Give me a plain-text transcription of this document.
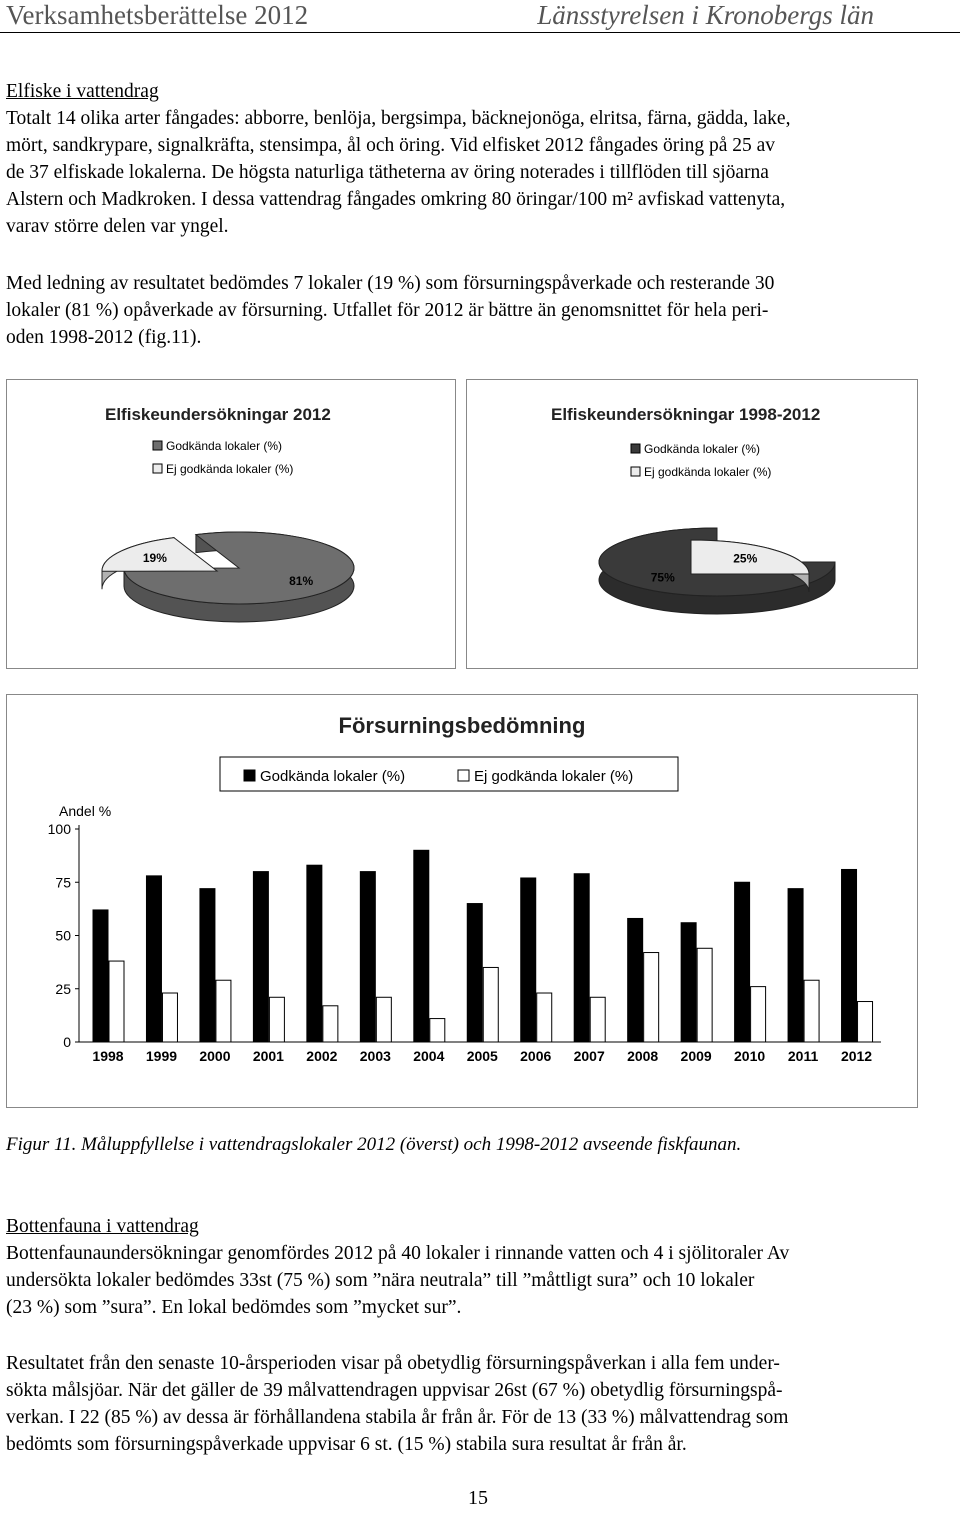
Verksamhetsberättelse 2012	Länsstyrelsen i Kronobergs län
Elfiske i vattendrag
Totalt 14 olika arter fångades: abborre, benlöja, bergsimpa, bäcknejonöga, elritsa, färna, gädda, lake,
mört, sandkrypare, signalkräfta, stensimpa, ål och öring. Vid elfisket 2012 fångades öring på 25 av
de 37 elfiskade lokalerna. De högsta naturliga tätheterna av öring noterades i tillflöden till sjöarna
Alstern och Madkroken. I dessa vattendrag fångades omkring 80 öringar/100 m² avfiskad vattenyta,
varav större delen var yngel.
Med ledning av resultatet bedömdes 7 lokaler (19 %) som försurningspåverkade och resterande 30
lokaler (81 %) opåverkade av försurning. Utfallet för 2012 är bättre än genomsnittet för hela peri-
oden 1998-2012 (fig.11).
Elfiskeundersökningar 2012
Godkända lokaler (%)
Ej godkända lokaler (%)
81%
19%
Elfiskeundersökningar 1998-2012
Godkända lokaler (%)
Ej godkända lokaler (%)
75%
25%
Försurningsbedömning
Godkända lokaler (%)	Ej godkända lokaler (%)
Andel %
0
25
50
75
100
1998 1999 2000 2001 2002 2003 2004 2005 2006 2007 2008 2009 2010 2011 2012
Figur 11. Måluppfyllelse i vattendragslokaler 2012 (överst) och 1998-2012 avseende fiskfaunan.
Bottenfauna i vattendrag
Bottenfaunaundersökningar genomfördes 2012 på 40 lokaler i rinnande vatten och 4 i sjölitoraler Av
undersökta lokaler bedömdes 33st (75 %) som ”nära neutrala” till ”måttligt sura” och 10 lokaler
(23 %) som ”sura”. En lokal bedömdes som ”mycket sur”.
Resultatet från den senaste 10-årsperioden visar på obetydlig försurningspåverkan i alla fem under-
sökta målsjöar. När det gäller de 39 målvattendragen uppvisar 26st (67 %) obetydlig försurningspå-
verkan. I 22 (85 %) av dessa är förhållandena stabila år från år. För de 13 (33 %) målvattendrag som
bedömts som försurningspåverkade uppvisar 6 st. (15 %) stabila sura resultat år från år.
15
